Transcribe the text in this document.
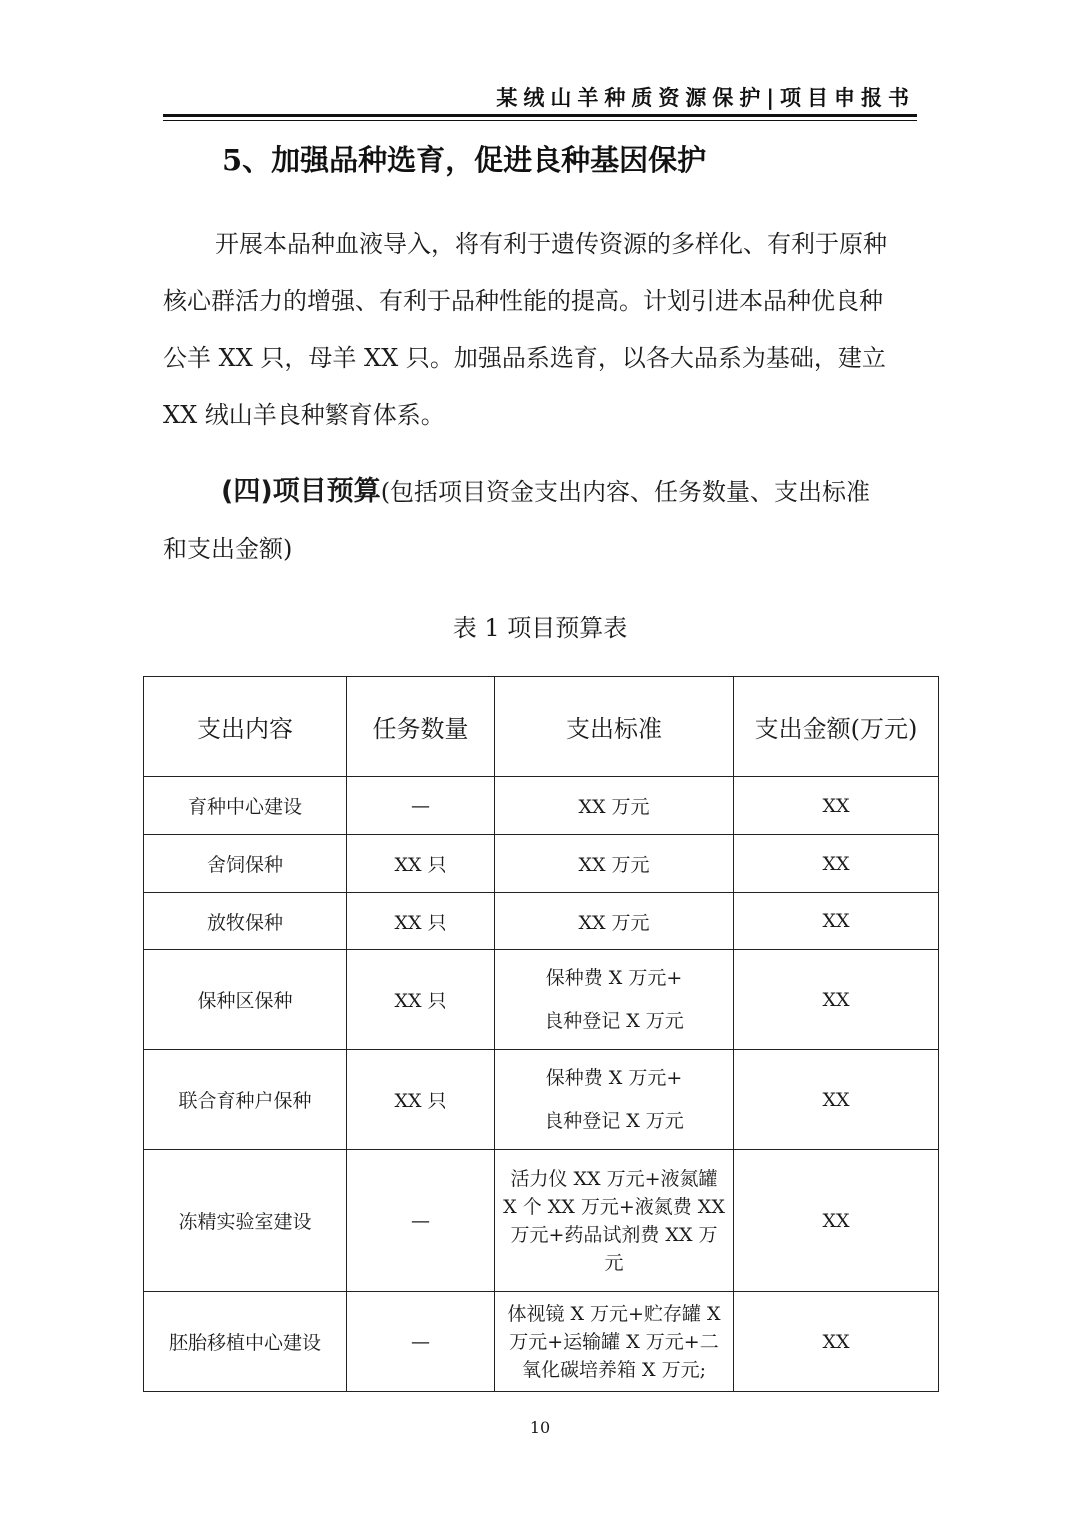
某绒山羊种质资源保护|项目申报书
5、加强品种选育，促进良种基因保护
开展本品种血液导入，将有利于遗传资源的多样化、有利于原种
核心群活力的增强、有利于品种性能的提高。计划引进本品种优良种
公羊 XX 只，母羊 XX 只。加强品系选育，以各大品系为基础，建立
XX 绒山羊良种繁育体系。
(四)项目预算(包括项目资金支出内容、任务数量、支出标准
和支出金额)
表 1 项目预算表
支出内容	任务数量	支出标准	支出金额(万元)
育种中心建设	—	XX 万元	XX
舍饲保种	XX 只	XX 万元	XX
放牧保种	XX 只	XX 万元	XX
保种区保种	XX 只	保种费 X 万元+
良种登记 X 万元	XX
联合育种户保种	XX 只	保种费 X 万元+
良种登记 X 万元	XX
冻精实验室建设	—	活力仪 XX 万元+液氮罐
X 个 XX 万元+液氮费 XX
万元+药品试剂费 XX 万
元	XX
胚胎移植中心建设	—	体视镜 X 万元+贮存罐 X
万元+运输罐 X 万元+二
氧化碳培养箱 X 万元;	XX
10
